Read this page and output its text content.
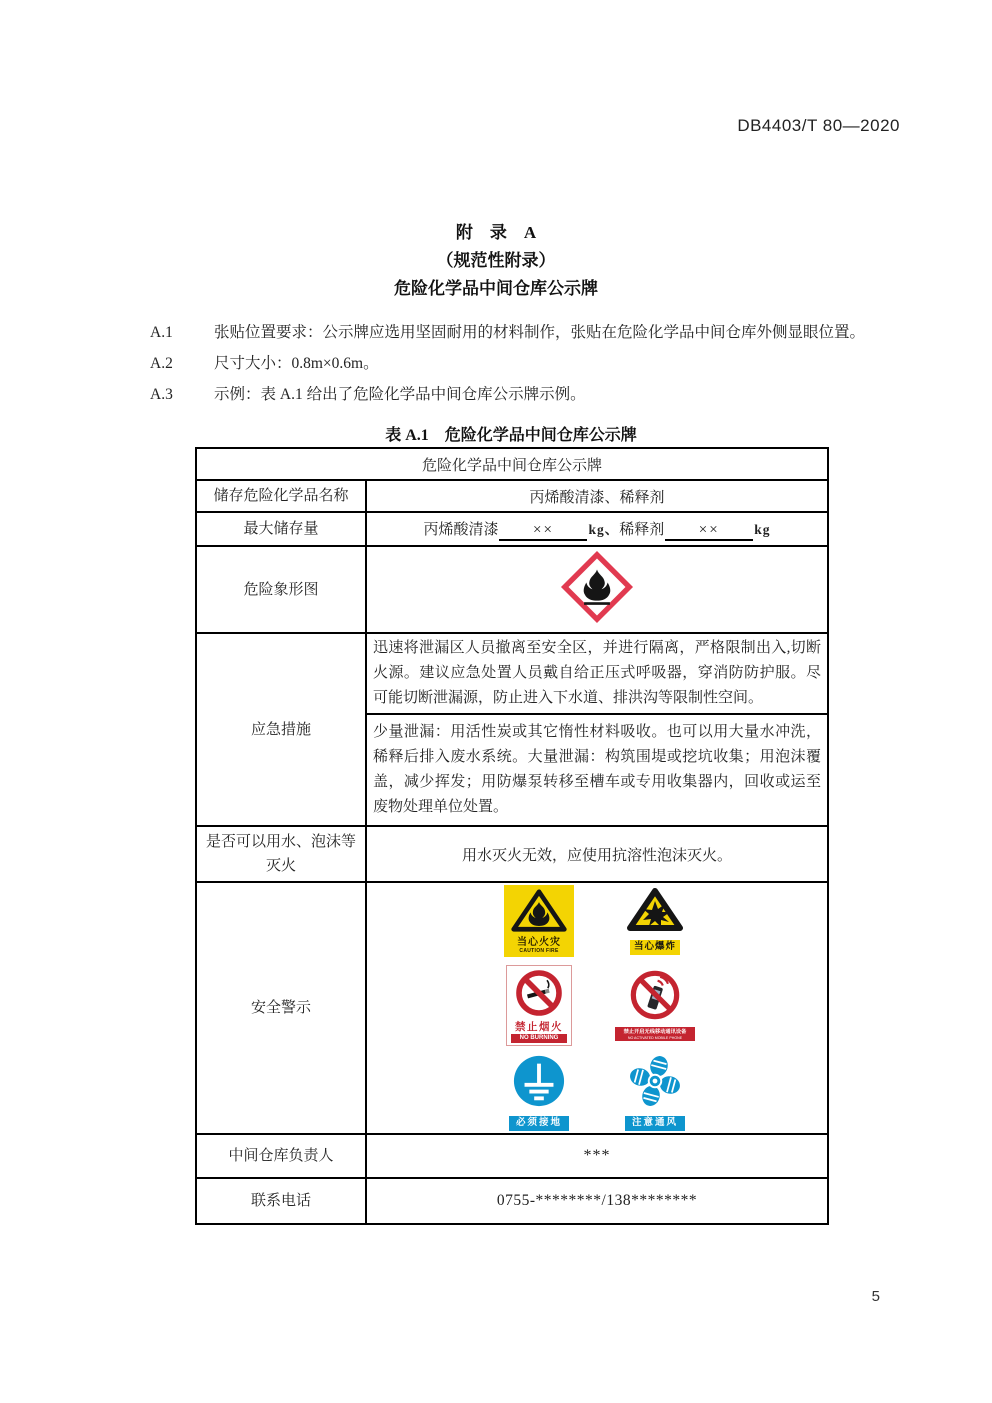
DB4403/T 80—2020
附　录　A
（规范性附录）
危险化学品中间仓库公示牌

A.1	张贴位置要求：公示牌应选用坚固耐用的材料制作，张贴在危险化学品中间仓库外侧显眼位置。

A.2	尺寸大小：0.8m×0.6m。

A.3	示例：表 A.1 给出了危险化学品中间仓库公示牌示例。

表 A.1　危险化学品中间仓库公示牌
危险化学品中间仓库公示牌	
储存危险化学品名称	丙烯酸清漆、稀释剂
最大储存量	丙烯酸清漆 ×× kg、稀释剂 ×× kg
危险象形图	
应急措施	迅速将泄漏区人员撤离至安全区，并进行隔离，严格限制出入,切断火源。建议应急处置人员戴自给正压式呼吸器，穿消防防护服。尽可能切断泄漏源，防止进入下水道、排洪沟等限制性空间。
	少量泄漏：用活性炭或其它惰性材料吸收。也可以用大量水冲洗，稀释后排入废水系统。大量泄漏：构筑围堤或挖坑收集；用泡沫覆盖，减少挥发；用防爆泵转移至槽车或专用收集器内，回收或运至废物处理单位处置。
是否可以用水、泡沫等灭火	用水灭火无效，应使用抗溶性泡沫灭火。
安全警示	
当心火灾
CAUTION FIRE	当心爆炸
禁止烟火
NO BURNING
禁止开启无线移动通讯设备
NO ACTIVATED MOBILE PHONE
必须接地	注意通风

中间仓库负责人	***
联系电话	0755-********/138********
5
